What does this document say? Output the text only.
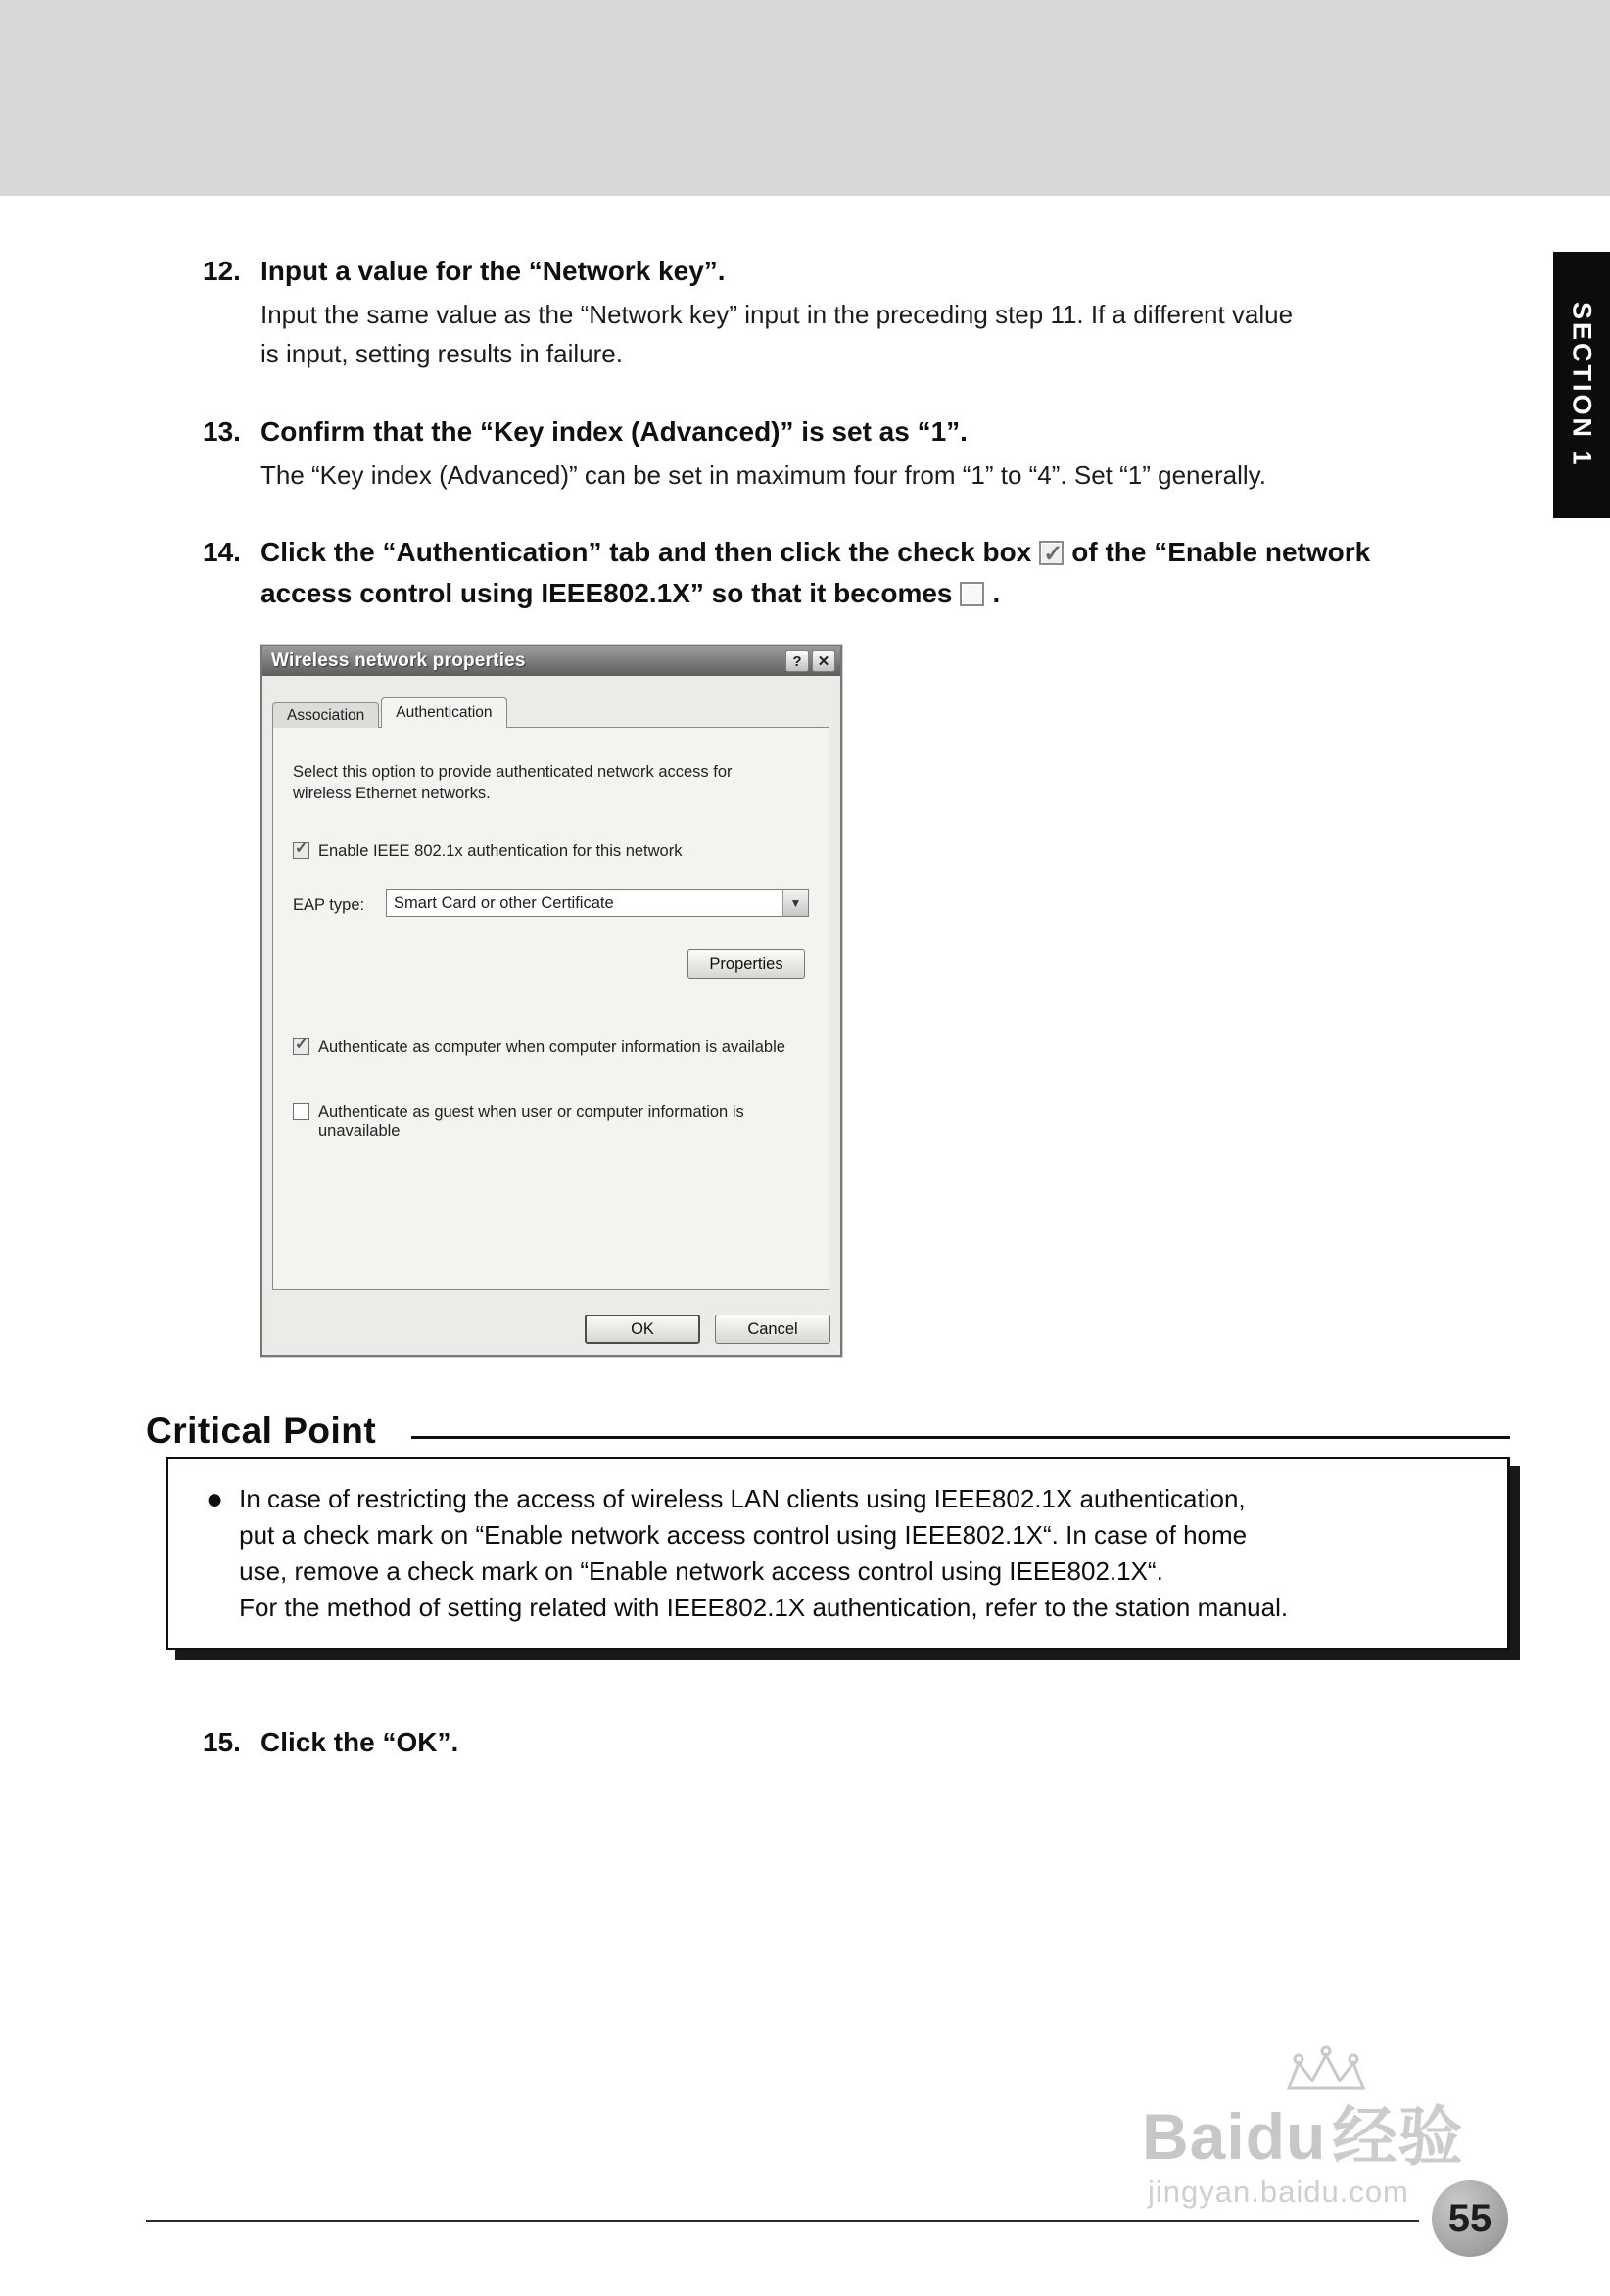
SECTION 1
12. Input a value for the “Network key”.

Input the same value as the “Network key” input in the preceding step 11. If a different value
is input, setting results in failure.

13. Confirm that the “Key index (Advanced)” is set as “1”.

The “Key index (Advanced)” can be set in maximum four from “1” to “4”. Set “1” generally.

14. Click the “Authentication” tab and then click the check box ✓ of the “Enable network
access control using IEEE802.1X” so that it becomes .
Wireless network properties	?	✕
Association	Authentication

Select this option to provide authenticated network access for
wireless Ethernet networks.

✓
Enable IEEE 802.1x authentication for this network
EAP type:	Smart Card or other Certificate	▼
Properties
✓
Authenticate as computer when computer information is available
Authenticate as guest when user or computer information is
unavailable
OK	Cancel
Critical Point
● In case of restricting the access of wireless LAN clients using IEEE802.1X authentication,
put a check mark on “Enable network access control using IEEE802.1X“. In case of home
use, remove a check mark on “Enable network access control using IEEE802.1X“.
For the method of setting related with IEEE802.1X authentication, refer to the station manual.

15. Click the “OK”.
Baidu经验
jingyan.baidu.com
55
